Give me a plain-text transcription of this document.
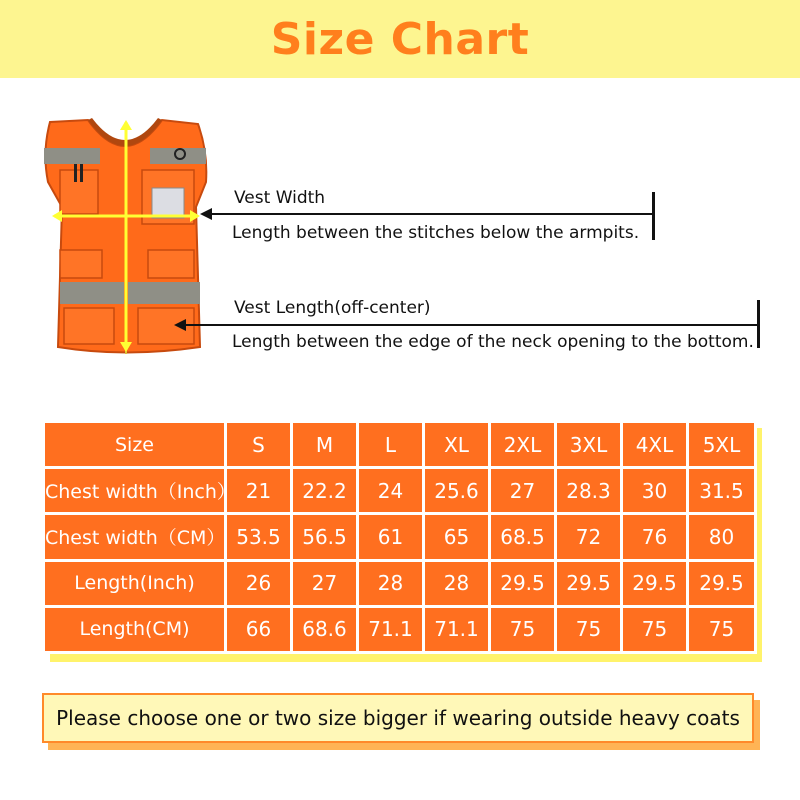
Size Chart
Vest Width
Length between the stitches below the armpits.
Vest Length(off-center)
Length between the edge of the neck opening to the bottom.
Size	S	M	L	XL	2XL	3XL	4XL	5XL
Chest width（Inch）	21	22.2	24	25.6	27	28.3	30	31.5
Chest width（CM）	53.5	56.5	61	65	68.5	72	76	80
Length(Inch)	26	27	28	28	29.5	29.5	29.5	29.5
Length(CM)	66	68.6	71.1	71.1	75	75	75	75
Please choose one or two size bigger if wearing outside heavy coats
